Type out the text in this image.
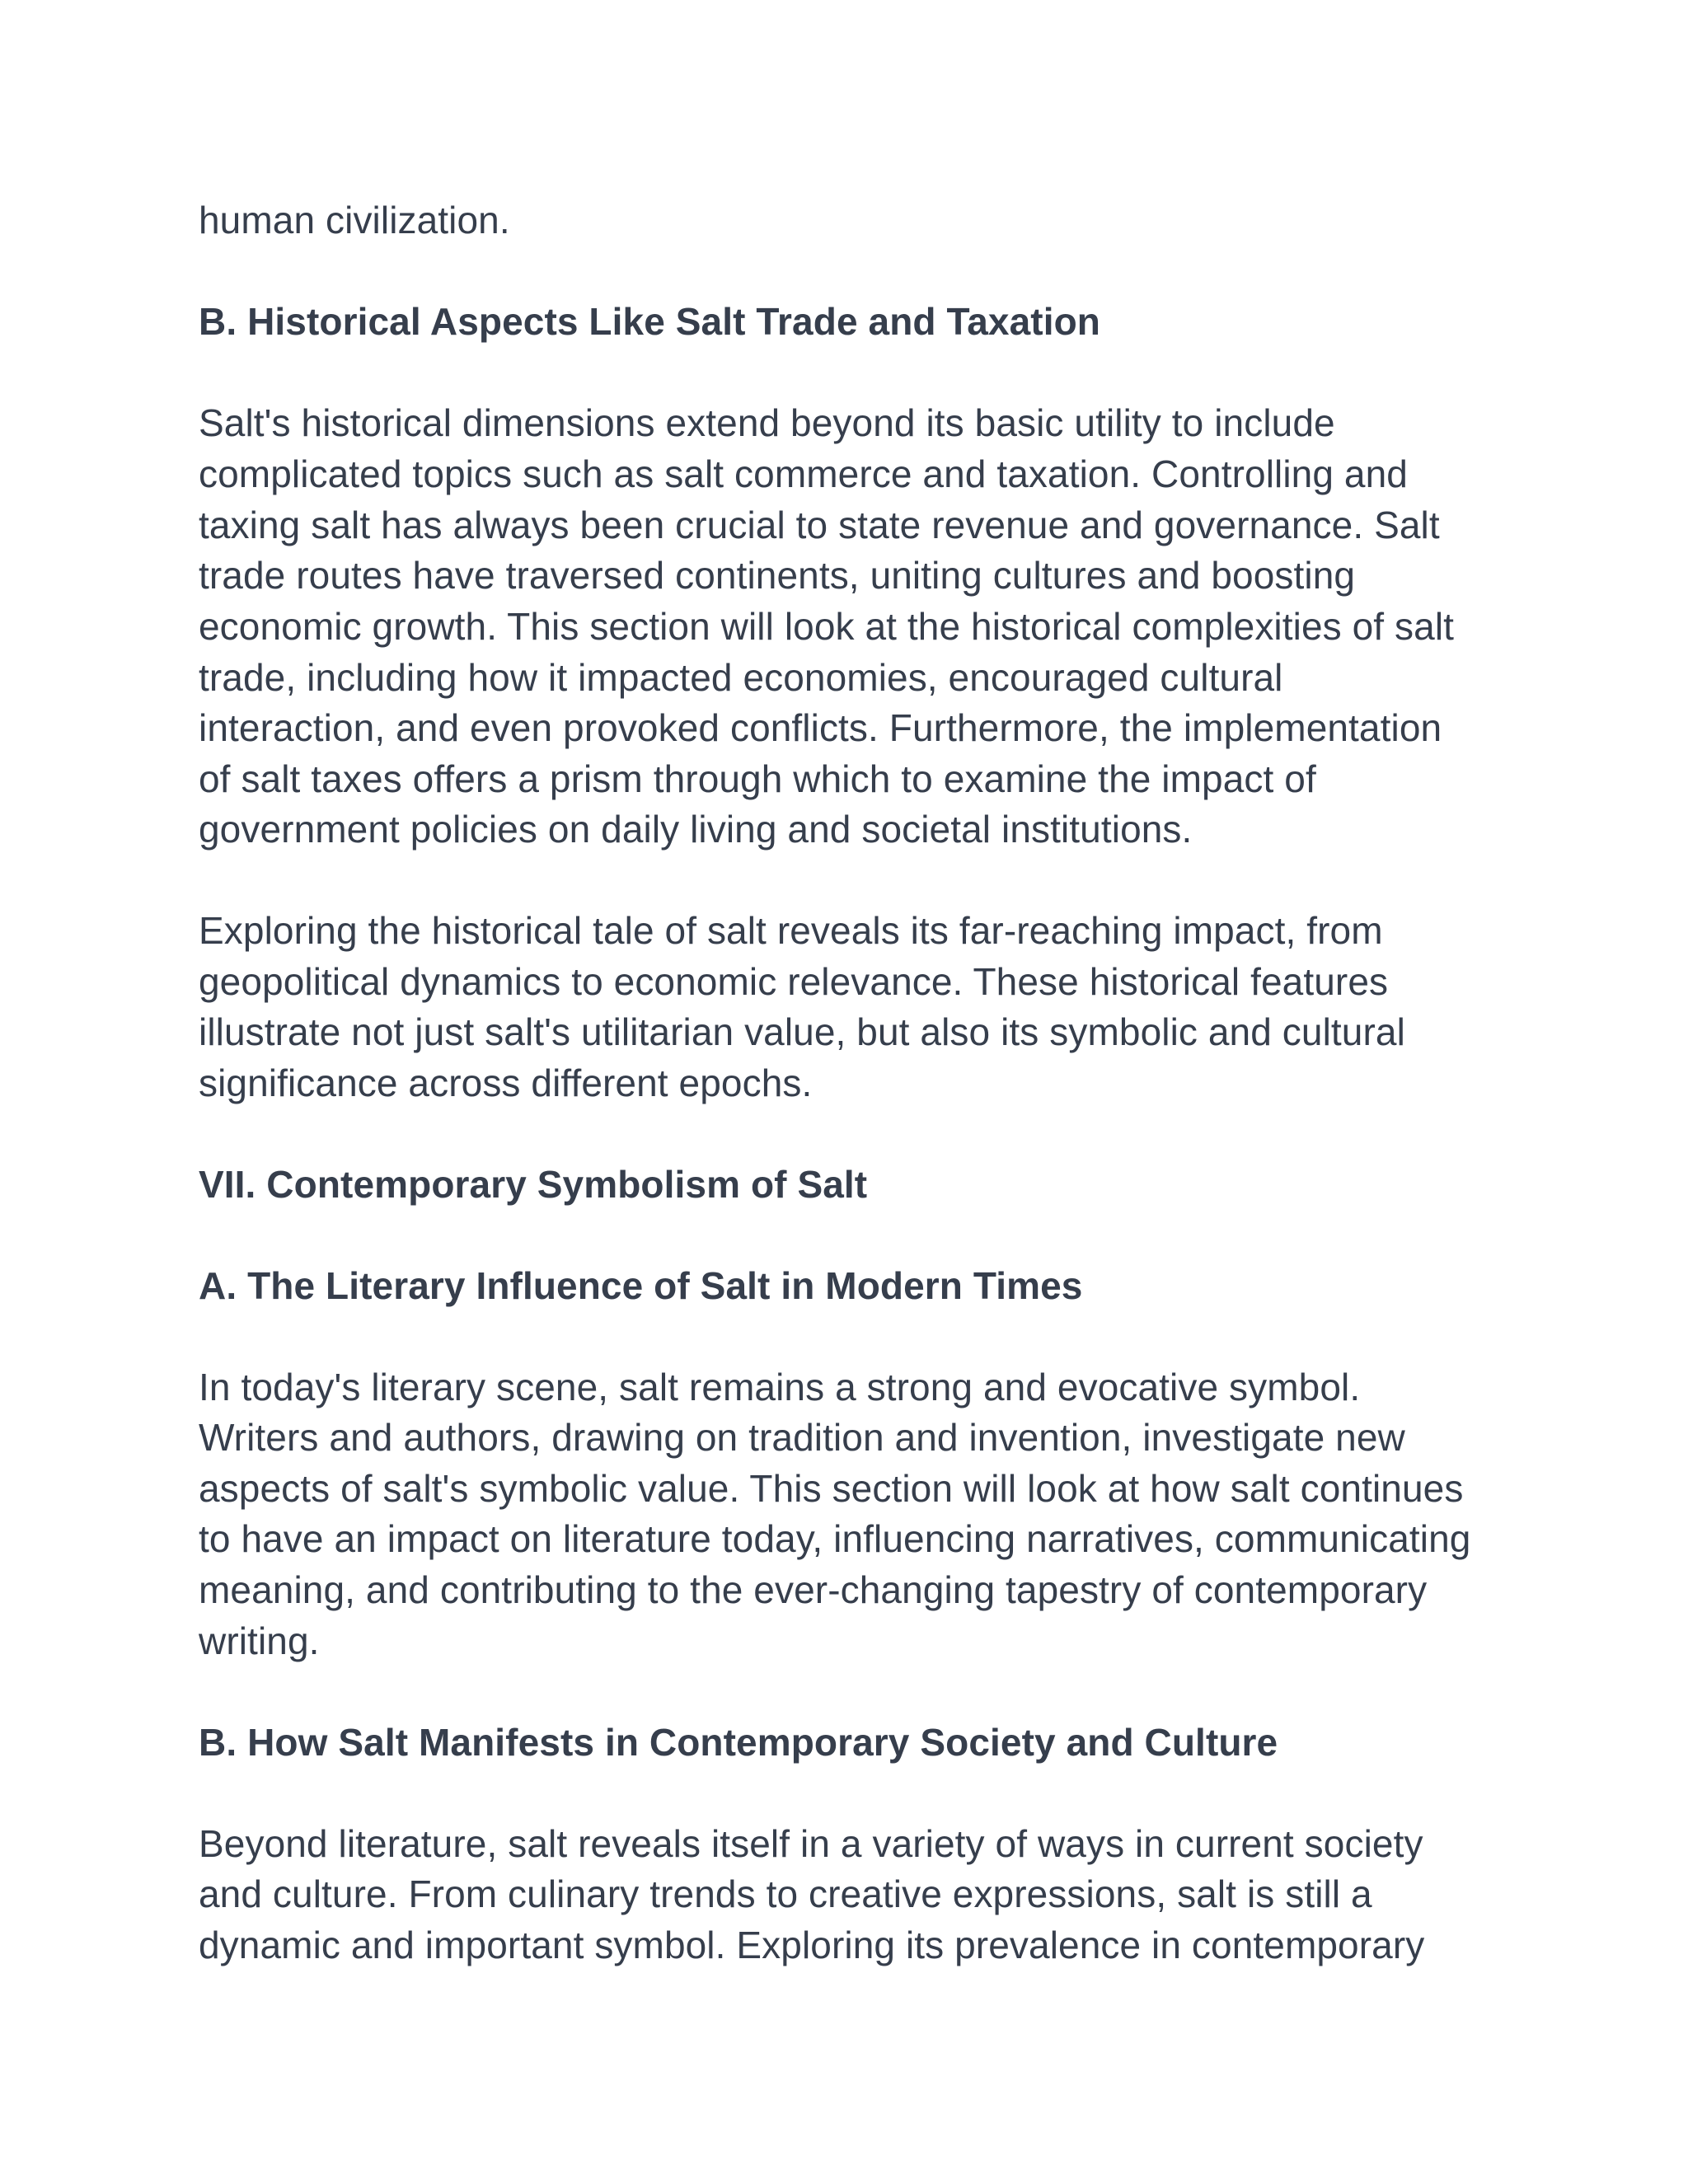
human civilization.
B. Historical Aspects Like Salt Trade and Taxation
Salt's historical dimensions extend beyond its basic utility to include
complicated topics such as salt commerce and taxation. Controlling and
taxing salt has always been crucial to state revenue and governance. Salt
trade routes have traversed continents, uniting cultures and boosting
economic growth. This section will look at the historical complexities of salt
trade, including how it impacted economies, encouraged cultural
interaction, and even provoked conflicts. Furthermore, the implementation
of salt taxes offers a prism through which to examine the impact of
government policies on daily living and societal institutions.
Exploring the historical tale of salt reveals its far-reaching impact, from
geopolitical dynamics to economic relevance. These historical features
illustrate not just salt's utilitarian value, but also its symbolic and cultural
significance across different epochs.
VII. Contemporary Symbolism of Salt
A. The Literary Influence of Salt in Modern Times
In today's literary scene, salt remains a strong and evocative symbol.
Writers and authors, drawing on tradition and invention, investigate new
aspects of salt's symbolic value. This section will look at how salt continues
to have an impact on literature today, influencing narratives, communicating
meaning, and contributing to the ever-changing tapestry of contemporary
writing.
B. How Salt Manifests in Contemporary Society and Culture
Beyond literature, salt reveals itself in a variety of ways in current society
and culture. From culinary trends to creative expressions, salt is still a
dynamic and important symbol. Exploring its prevalence in contemporary
